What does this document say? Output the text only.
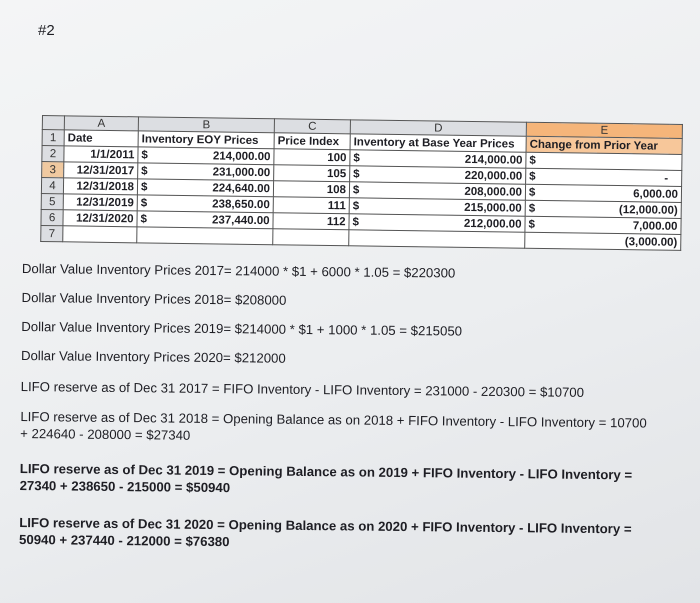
#2
	A	B	C	D	E
1	Date	Inventory EOY Prices	Price Index	Inventory at Base Year Prices	Change from Prior Year
2	1/1/2011	$ 214,000.00	100	$ 214,000.00	$
3	12/31/2017	$ 231,000.00	105	$ 220,000.00	$ -

4	12/31/2018	$ 224,640.00	108	$ 208,000.00	$ 6,000.00

5	12/31/2019	$ 238,650.00	111	$ 215,000.00	$ (12,000.00)

6	12/31/2020	$ 237,440.00	112	$ 212,000.00	$ 7,000.00

7					(3,000.00)
Dollar Value Inventory Prices 2017= 214000 * $1 + 6000 * 1.05 = $220300
Dollar Value Inventory Prices 2018= $208000
Dollar Value Inventory Prices 2019= $214000 * $1 + 1000 * 1.05 = $215050
Dollar Value Inventory Prices 2020= $212000
LIFO reserve as of Dec 31 2017 = FIFO Inventory - LIFO Inventory = 231000 - 220300 = $10700
LIFO reserve as of Dec 31 2018 = Opening Balance as on 2018 + FIFO Inventory - LIFO Inventory = 10700
+ 224640 - 208000 = $27340
LIFO reserve as of Dec 31 2019 = Opening Balance as on 2019 + FIFO Inventory - LIFO Inventory =
27340 + 238650 - 215000 = $50940
LIFO reserve as of Dec 31 2020 = Opening Balance as on 2020 + FIFO Inventory - LIFO Inventory =
50940 + 237440 - 212000 = $76380
